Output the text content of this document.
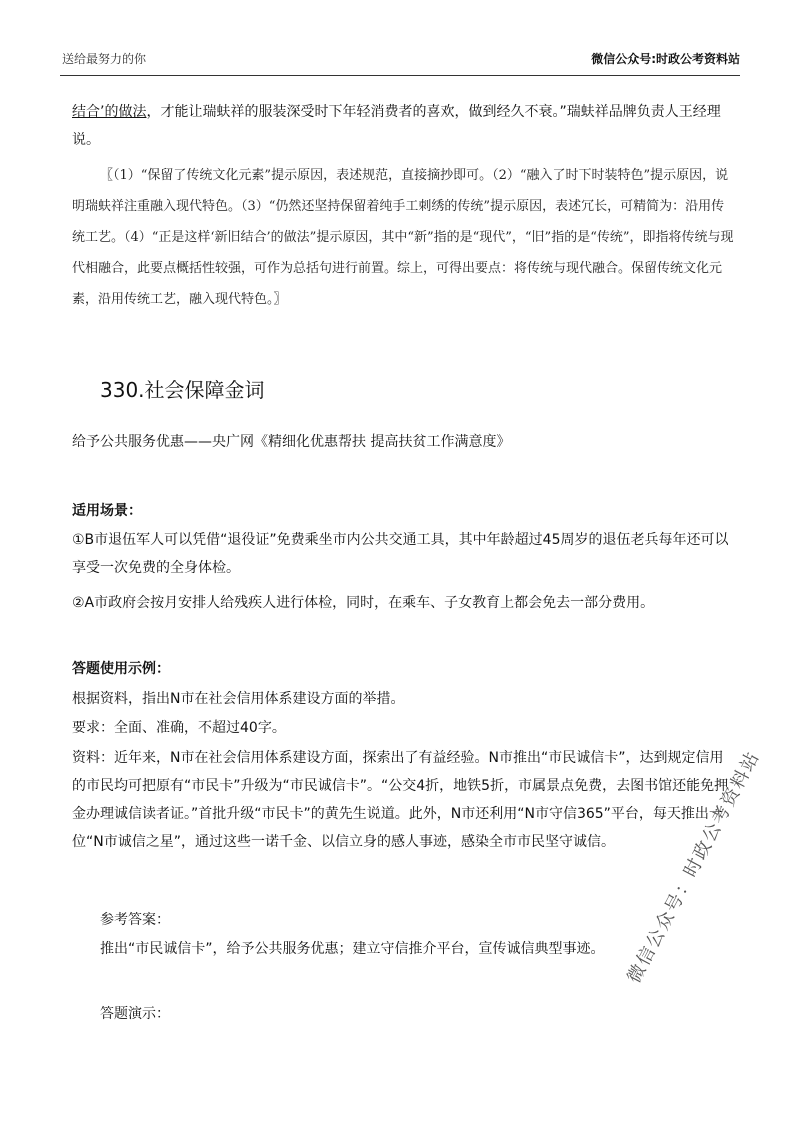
送给最努力的你	微信公众号:时政公考资料站
结合’的做法，才能让瑞蚨祥的服装深受时下年轻消费者的喜欢，做到经久不衰。”瑞蚨祥品牌负责人王经理说。
〖（1）“保留了传统文化元素”提示原因，表述规范，直接摘抄即可。（2）“融入了时下时装特色”提示原因，说明瑞蚨祥注重融入现代特色。（3）“仍然还坚持保留着纯手工刺绣的传统”提示原因，表述冗长，可精简为：沿用传统工艺。（4）“正是这样‘新旧结合’的做法”提示原因，其中“新”指的是“现代”，“旧”指的是“传统”，即指将传统与现代相融合，此要点概括性较强，可作为总括句进行前置。综上，可得出要点：将传统与现代融合。保留传统文化元素，沿用传统工艺，融入现代特色。〗
330.社会保障金词
给予公共服务优惠——央广网《精细化优惠帮扶 提高扶贫工作满意度》
适用场景：
①B市退伍军人可以凭借“退役证”免费乘坐市内公共交通工具，其中年龄超过45周岁的退伍老兵每年还可以享受一次免费的全身体检。
②A市政府会按月安排人给残疾人进行体检，同时，在乘车、子女教育上都会免去一部分费用。
答题使用示例：
根据资料，指出N市在社会信用体系建设方面的举措。
要求：全面、准确，不超过40字。
资料：近年来，N市在社会信用体系建设方面，探索出了有益经验。N市推出“市民诚信卡”，达到规定信用的市民均可把原有“市民卡”升级为“市民诚信卡”。“公交4折，地铁5折，市属景点免费，去图书馆还能免押金办理诚信读者证。”首批升级“市民卡”的黄先生说道。此外，N市还利用“N市守信365”平台，每天推出一位“N市诚信之星”，通过这些一诺千金、以信立身的感人事迹，感染全市市民坚守诚信。
参考答案：
推出“市民诚信卡”，给予公共服务优惠；建立守信推介平台，宣传诚信典型事迹。
答题演示：
微信公众号：时政公考资料站
